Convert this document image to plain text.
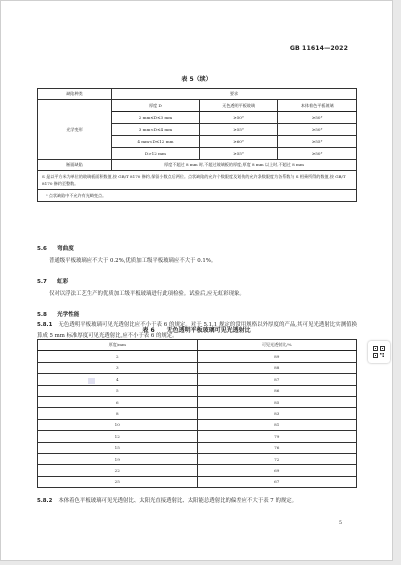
GB 11614—2022
表 5（续）
缺陷种类	要求		
光学变形	厚度 D	无色透明平板玻璃	本体着色平板玻璃
	2 mm≤D≤3 mm	≥50°	≥50°
	3 mm<D≤4 mm	≥55°	≥50°
	4 mm<D≤12 mm	≥60°	≥55°
	D>12 mm	≥55°	≥50°
断面缺陷	厚度不超过 8 mm 时,不超过玻璃板的厚度;厚度 8 mm 以上时,不超过 8 mm		
S 是以平方米为单位的玻璃板面积数值,按 GB/T 8170 修约,保留小数点后两位。点状缺陷的允许个数限度及划伤的允许条数限度为各系数与 S 相乘所得的数值,按 GB/T 8170 修约至整数。			
ᵃ 点状缺陷中不允许有光畸变点。			
5.6 弯曲度
普通级平板玻璃应不大于 0.2%,优质加工级平板玻璃应不大于 0.1%。
5.7 虹彩
仅对以浮法工艺生产的优质加工级平板玻璃进行此项检验。试验后,应无虹彩现象。
5.8 光学性能
5.8.1 无色透明平板玻璃可见光透射比应不小于表 6 的规定。对于 5.1.1 规定的常用规格以外厚度的产品,其可见光透射比实测值换算成 5 mm 标准厚度可见光透射比,应不小于表 6 的规定。
表 6 无色透明平板玻璃可见光透射比
厚度/mm	可见光透射比/%
2	89
3	88
4	87
5	86
6	85
8	83
10	81
12	79
15	76
19	72
22	69
25	67
5.8.2 本体着色平板玻璃可见光透射比、太阳光直接透射比、太阳能总透射比的偏差应不大于表 7 的规定。
5
